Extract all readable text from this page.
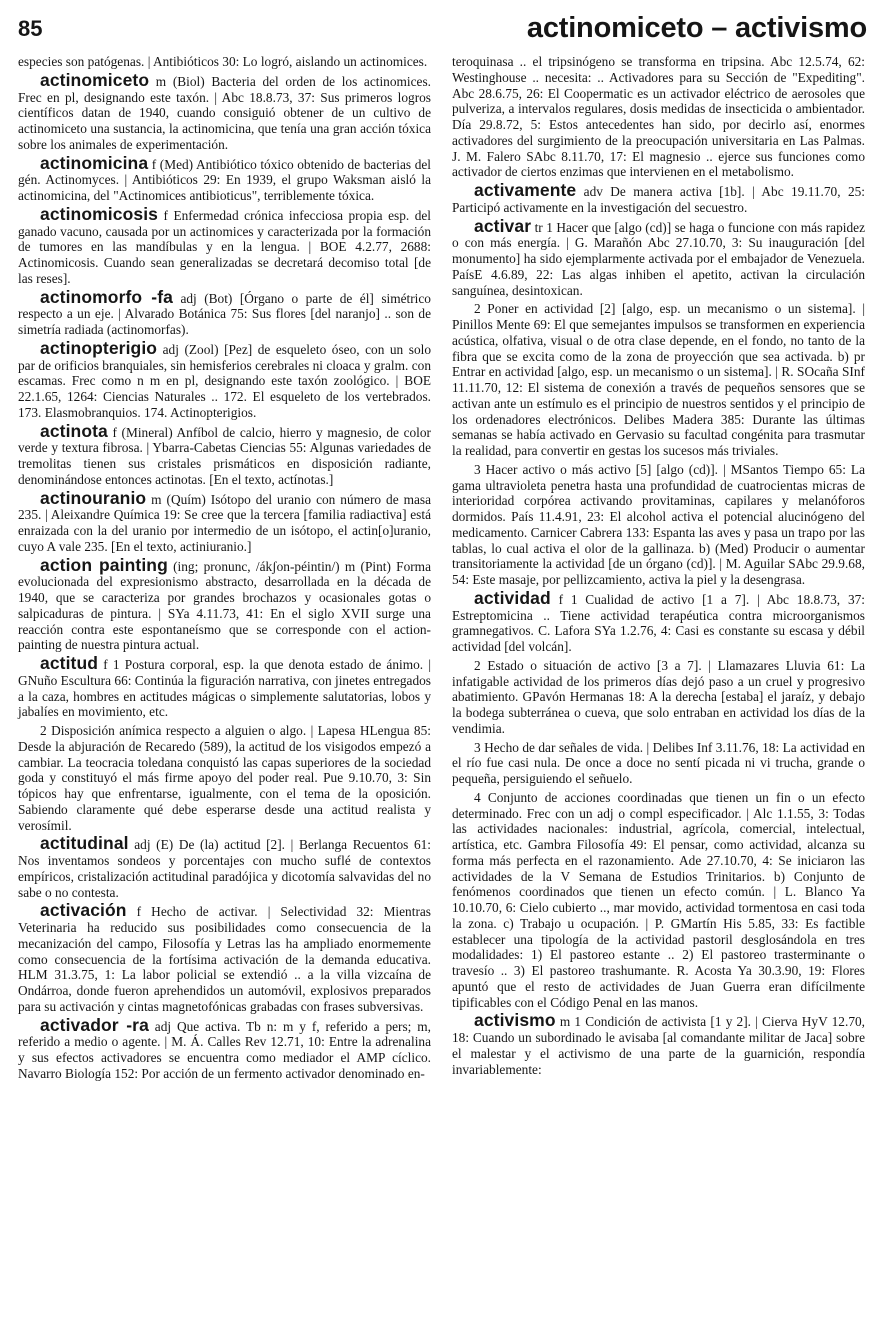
85	actinomiceto – activismo

especies son patógenas. | Antibióticos 30: Lo logró, aislando un actinomices.

actinomiceto m (Biol) Bacteria del orden de los actinomices. Frec en pl, designando este taxón. | Abc 18.8.73, 37: Sus primeros logros científicos datan de 1940, cuando consiguió obtener de un cultivo de actinomiceto una sustancia, la actinomicina, que tenía una gran acción tóxica sobre los animales de experimentación.

actinomicina f (Med) Antibiótico tóxico obtenido de bacterias del gén. Actinomyces. | Antibióticos 29: En 1939, el grupo Waksman aisló la actinomicina, del "Actinomices antibioticus", terriblemente tóxica.

actinomicosis f Enfermedad crónica infecciosa propia esp. del ganado vacuno, causada por un actinomices y caracterizada por la formación de tumores en las mandíbulas y en la lengua. | BOE 4.2.77, 2688: Actinomicosis. Cuando sean generalizadas se decretará decomiso total [de las reses].

actinomorfo -fa adj (Bot) [Órgano o parte de él] simétrico respecto a un eje. | Alvarado Botánica 75: Sus flores [del naranjo] .. son de simetría radiada (actinomorfas).

actinopterigio adj (Zool) [Pez] de esqueleto óseo, con un solo par de orificios branquiales, sin hemisferios cerebrales ni cloaca y gralm. con escamas. Frec como n m en pl, designando este taxón zoológico. | BOE 22.1.65, 1264: Ciencias Naturales .. 172. El esqueleto de los vertebrados. 173. Elasmobranquios. 174. Actinopterigios.

actinota f (Mineral) Anfíbol de calcio, hierro y magnesio, de color verde y textura fibrosa. | Ybarra-Cabetas Ciencias 55: Algunas variedades de tremolitas tienen sus cristales prismáticos en disposición radiante, denominándose entonces actinotas. [En el texto, actínotas.]

actinouranio m (Quím) Isótopo del uranio con número de masa 235. | Aleixandre Química 19: Se cree que la tercera [familia radiactiva] está enraizada con la del uranio por intermedio de un isótopo, el actin[o]uranio, cuyo A vale 235. [En el texto, actiniuranio.]

action painting (ing; pronunc, /ákʃon-péintin/) m (Pint) Forma evolucionada del expresionismo abstracto, desarrollada en la década de 1940, que se caracteriza por grandes brochazos y ocasionales gotas o salpicaduras de pintura. | SYa 4.11.73, 41: En el siglo XVII surge una reacción contra este espontaneísmo que se corresponde con el action-painting de nuestra pintura actual.

actitud f 1 Postura corporal, esp. la que denota estado de ánimo. | GNuño Escultura 66: Continúa la figuración narrativa, con jinetes entregados a la caza, hombres en actitudes mágicas o simplemente salutatorias, lobos y jabalíes en movimiento, etc.

2 Disposición anímica respecto a alguien o algo. | Lapesa HLengua 85: Desde la abjuración de Recaredo (589), la actitud de los visigodos empezó a cambiar. La teocracia toledana conquistó las capas superiores de la sociedad goda y constituyó el más firme apoyo del poder real. Pue 9.10.70, 3: Sin tópicos hay que enfrentarse, igualmente, con el tema de la oposición. Sabiendo claramente qué debe esperarse desde una actitud realista y verosímil.

actitudinal adj (E) De (la) actitud [2]. | Berlanga Recuentos 61: Nos inventamos sondeos y porcentajes con mucho suflé de contextos empíricos, cristalización actitudinal paradójica y dicotomía salvavidas del no sabe o no contesta.

activación f Hecho de activar. | Selectividad 32: Mientras Veterinaria ha reducido sus posibilidades como consecuencia de la mecanización del campo, Filosofía y Letras las ha ampliado enormemente como consecuencia de la fortísima activación de la demanda educativa. HLM 31.3.75, 1: La labor policial se extendió .. a la villa vizcaína de Ondárroa, donde fueron aprehendidos un automóvil, explosivos preparados para su activación y cintas magnetofónicas grabadas con frases subversivas.

activador -ra adj Que activa. Tb n: m y f, referido a pers; m, referido a medio o agente. | M. Á. Calles Rev 12.71, 10: Entre la adrenalina y sus efectos activadores se encuentra como mediador el AMP cíclico. Navarro Biología 152: Por acción de un fermento activador denominado en-

teroquinasa .. el tripsinógeno se transforma en tripsina. Abc 12.5.74, 62: Westinghouse .. necesita: .. Activadores para su Sección de "Expediting". Abc 28.6.75, 26: El Coopermatic es un activador eléctrico de aerosoles que pulveriza, a intervalos regulares, dosis medidas de insecticida o ambientador. Día 29.8.72, 5: Estos antecedentes han sido, por decirlo así, enormes activadores del surgimiento de la preocupación universitaria en Las Palmas. J. M. Falero SAbc 8.11.70, 17: El magnesio .. ejerce sus funciones como activador de ciertos enzimas que intervienen en el metabolismo.

activamente adv De manera activa [1b]. | Abc 19.11.70, 25: Participó activamente en la investigación del secuestro.

activar tr 1 Hacer que [algo (cd)] se haga o funcione con más rapidez o con más energía. | G. Marañón Abc 27.10.70, 3: Su inauguración [del monumento] ha sido ejemplarmente activada por el embajador de Venezuela. PaísE 4.6.89, 22: Las algas inhiben el apetito, activan la circulación sanguínea, desintoxican.

2 Poner en actividad [2] [algo, esp. un mecanismo o un sistema]. | Pinillos Mente 69: El que semejantes impulsos se transformen en experiencia acústica, olfativa, visual o de otra clase depende, en el fondo, no tanto de la fibra que se excita como de la zona de proyección que sea activada. b) pr Entrar en actividad [algo, esp. un mecanismo o un sistema]. | R. SOcaña SInf 11.11.70, 12: El sistema de conexión a través de pequeños sensores que se activan ante un estímulo es el principio de nuestros sentidos y el principio de los ordenadores electrónicos. Delibes Madera 385: Durante las últimas semanas se había activado en Gervasio su facultad congénita para trasmutar la realidad, para convertir en gestas los sucesos más triviales.

3 Hacer activo o más activo [5] [algo (cd)]. | MSantos Tiempo 65: La gama ultravioleta penetra hasta una profundidad de cuatrocientas micras de interioridad corpórea activando provitaminas, capilares y melanóforos dormidos. País 11.4.91, 23: El alcohol activa el potencial alucinógeno del medicamento. Carnicer Cabrera 133: Espanta las aves y pasa un trapo por las tablas, lo cual activa el olor de la gallinaza. b) (Med) Producir o aumentar transitoriamente la actividad [de un órgano (cd)]. | M. Aguilar SAbc 29.9.68, 54: Este masaje, por pellizcamiento, activa la piel y la desengrasa.

actividad f 1 Cualidad de activo [1 a 7]. | Abc 18.8.73, 37: Estreptomicina .. Tiene actividad terapéutica contra microorganismos gramnegativos. C. Lafora SYa 1.2.76, 4: Casi es constante su escasa y débil actividad [del volcán].

2 Estado o situación de activo [3 a 7]. | Llamazares Lluvia 61: La infatigable actividad de los primeros días dejó paso a un cruel y progresivo abatimiento. GPavón Hermanas 18: A la derecha [estaba] el jaraíz, y debajo la bodega subterránea o cueva, que solo entraban en actividad los días de la vendimia.

3 Hecho de dar señales de vida. | Delibes Inf 3.11.76, 18: La actividad en el río fue casi nula. De once a doce no sentí picada ni vi trucha, grande o pequeña, persiguiendo el señuelo.

4 Conjunto de acciones coordinadas que tienen un fin o un efecto determinado. Frec con un adj o compl especificador. | Alc 1.1.55, 3: Todas las actividades nacionales: industrial, agrícola, comercial, intelectual, artística, etc. Gambra Filosofía 49: El pensar, como actividad, alcanza su forma más perfecta en el razonamiento. Ade 27.10.70, 4: Se iniciaron las actividades de la V Semana de Estudios Trinitarios. b) Conjunto de fenómenos coordinados que tienen un efecto común. | L. Blanco Ya 10.10.70, 6: Cielo cubierto .., mar movido, actividad tormentosa en casi toda la zona. c) Trabajo u ocupación. | P. GMartín His 5.85, 33: Es factible establecer una tipología de la actividad pastoril desglosándola en tres modalidades: 1) El pastoreo estante .. 2) El pastoreo trasterminante o travesío .. 3) El pastoreo trashumante. R. Acosta Ya 30.3.90, 19: Flores apuntó que el resto de actividades de Juan Guerra eran difícilmente tipificables con el Código Penal en las manos.

activismo m 1 Condición de activista [1 y 2]. | Cierva HyV 12.70, 18: Cuando un subordinado le avisaba [al comandante militar de Jaca] sobre el malestar y el activismo de una parte de la guarnición, respondía invariablemente:
